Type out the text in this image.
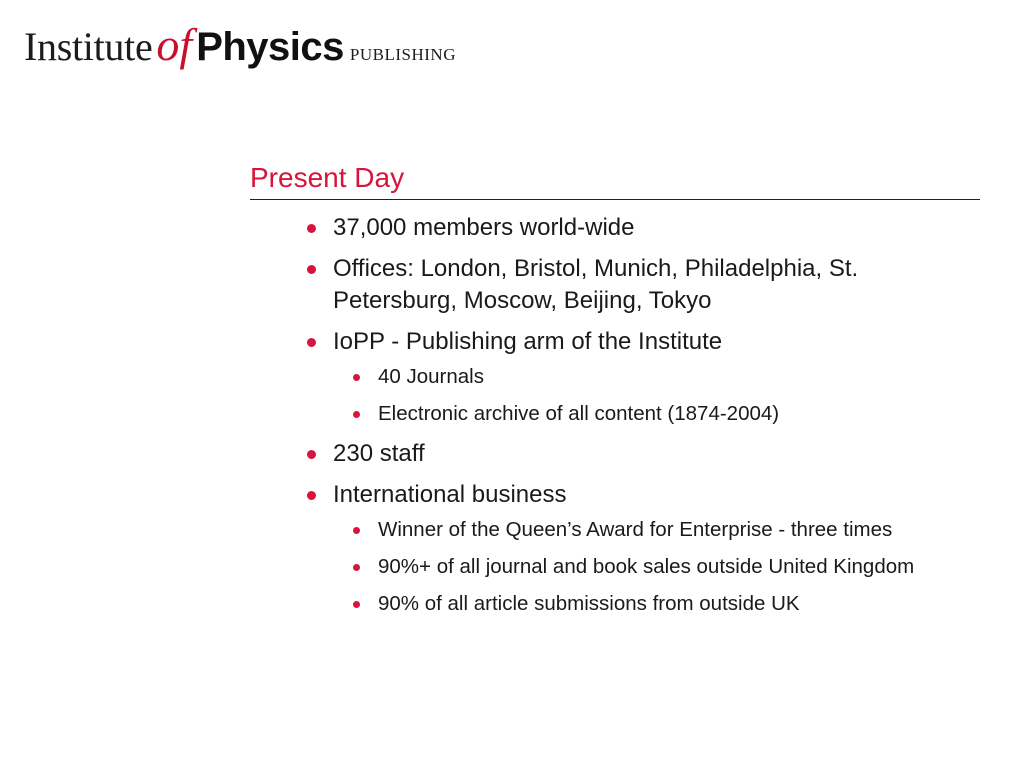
Instituteof Physics PUBLISHING
Present Day
37,000 members world-wide
Offices: London, Bristol, Munich, Philadelphia, St. Petersburg, Moscow, Beijing, Tokyo
IoPP - Publishing arm of the Institute
40 Journals
Electronic archive of all content (1874-2004)
230 staff
International business
Winner of the Queen’s Award for Enterprise - three times
90%+ of all journal and book sales outside United Kingdom
90% of all article submissions from outside UK
